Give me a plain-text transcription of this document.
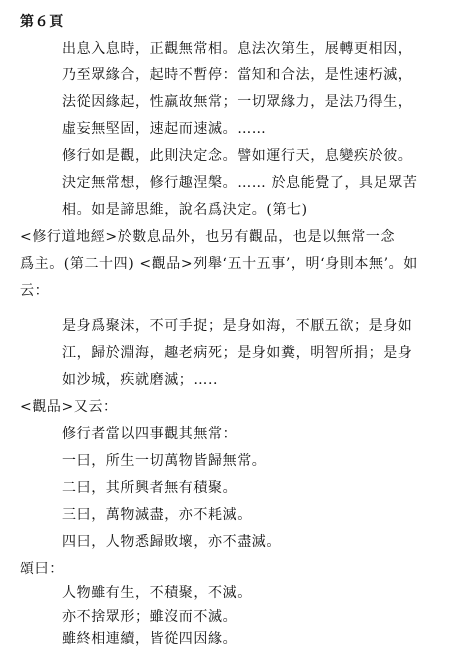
第６頁
出息入息時，正觀無常相。息法次第生，展轉更相因，
乃至眾緣合，起時不暫停：當知和合法，是性速朽滅，
法從因緣起，性羸故無常；一切眾緣力，是法乃得生，
虛妄無堅固，速起而速滅。……
修行如是觀，此則決定念。譬如運行天，息變疾於彼。
決定無常想，修行趣涅槃。…… 於息能覺了，具足眾苦
相。如是諦思維，說名爲決定。(第七)
<修行道地經>於數息品外，也另有觀品，也是以無常一念
爲主。(第二十四) <觀品>列舉‘五十五事’，明‘身則本無’。如
云：
是身爲聚沫，不可手捉；是身如海，不厭五欲；是身如
江，歸於淵海，趣老病死；是身如糞，明智所捐；是身
如沙城，疾就磨滅；…..
<觀品>又云：
修行者當以四事觀其無常：
一曰，所生一切萬物皆歸無常。
二曰，其所興者無有積聚。
三曰，萬物滅盡，亦不耗滅。
四曰，人物悉歸敗壞，亦不盡滅。
頌曰：
人物雖有生，不積聚，不滅。
亦不捨眾形；雖沒而不滅。
雖終相連續，皆從四因緣。
